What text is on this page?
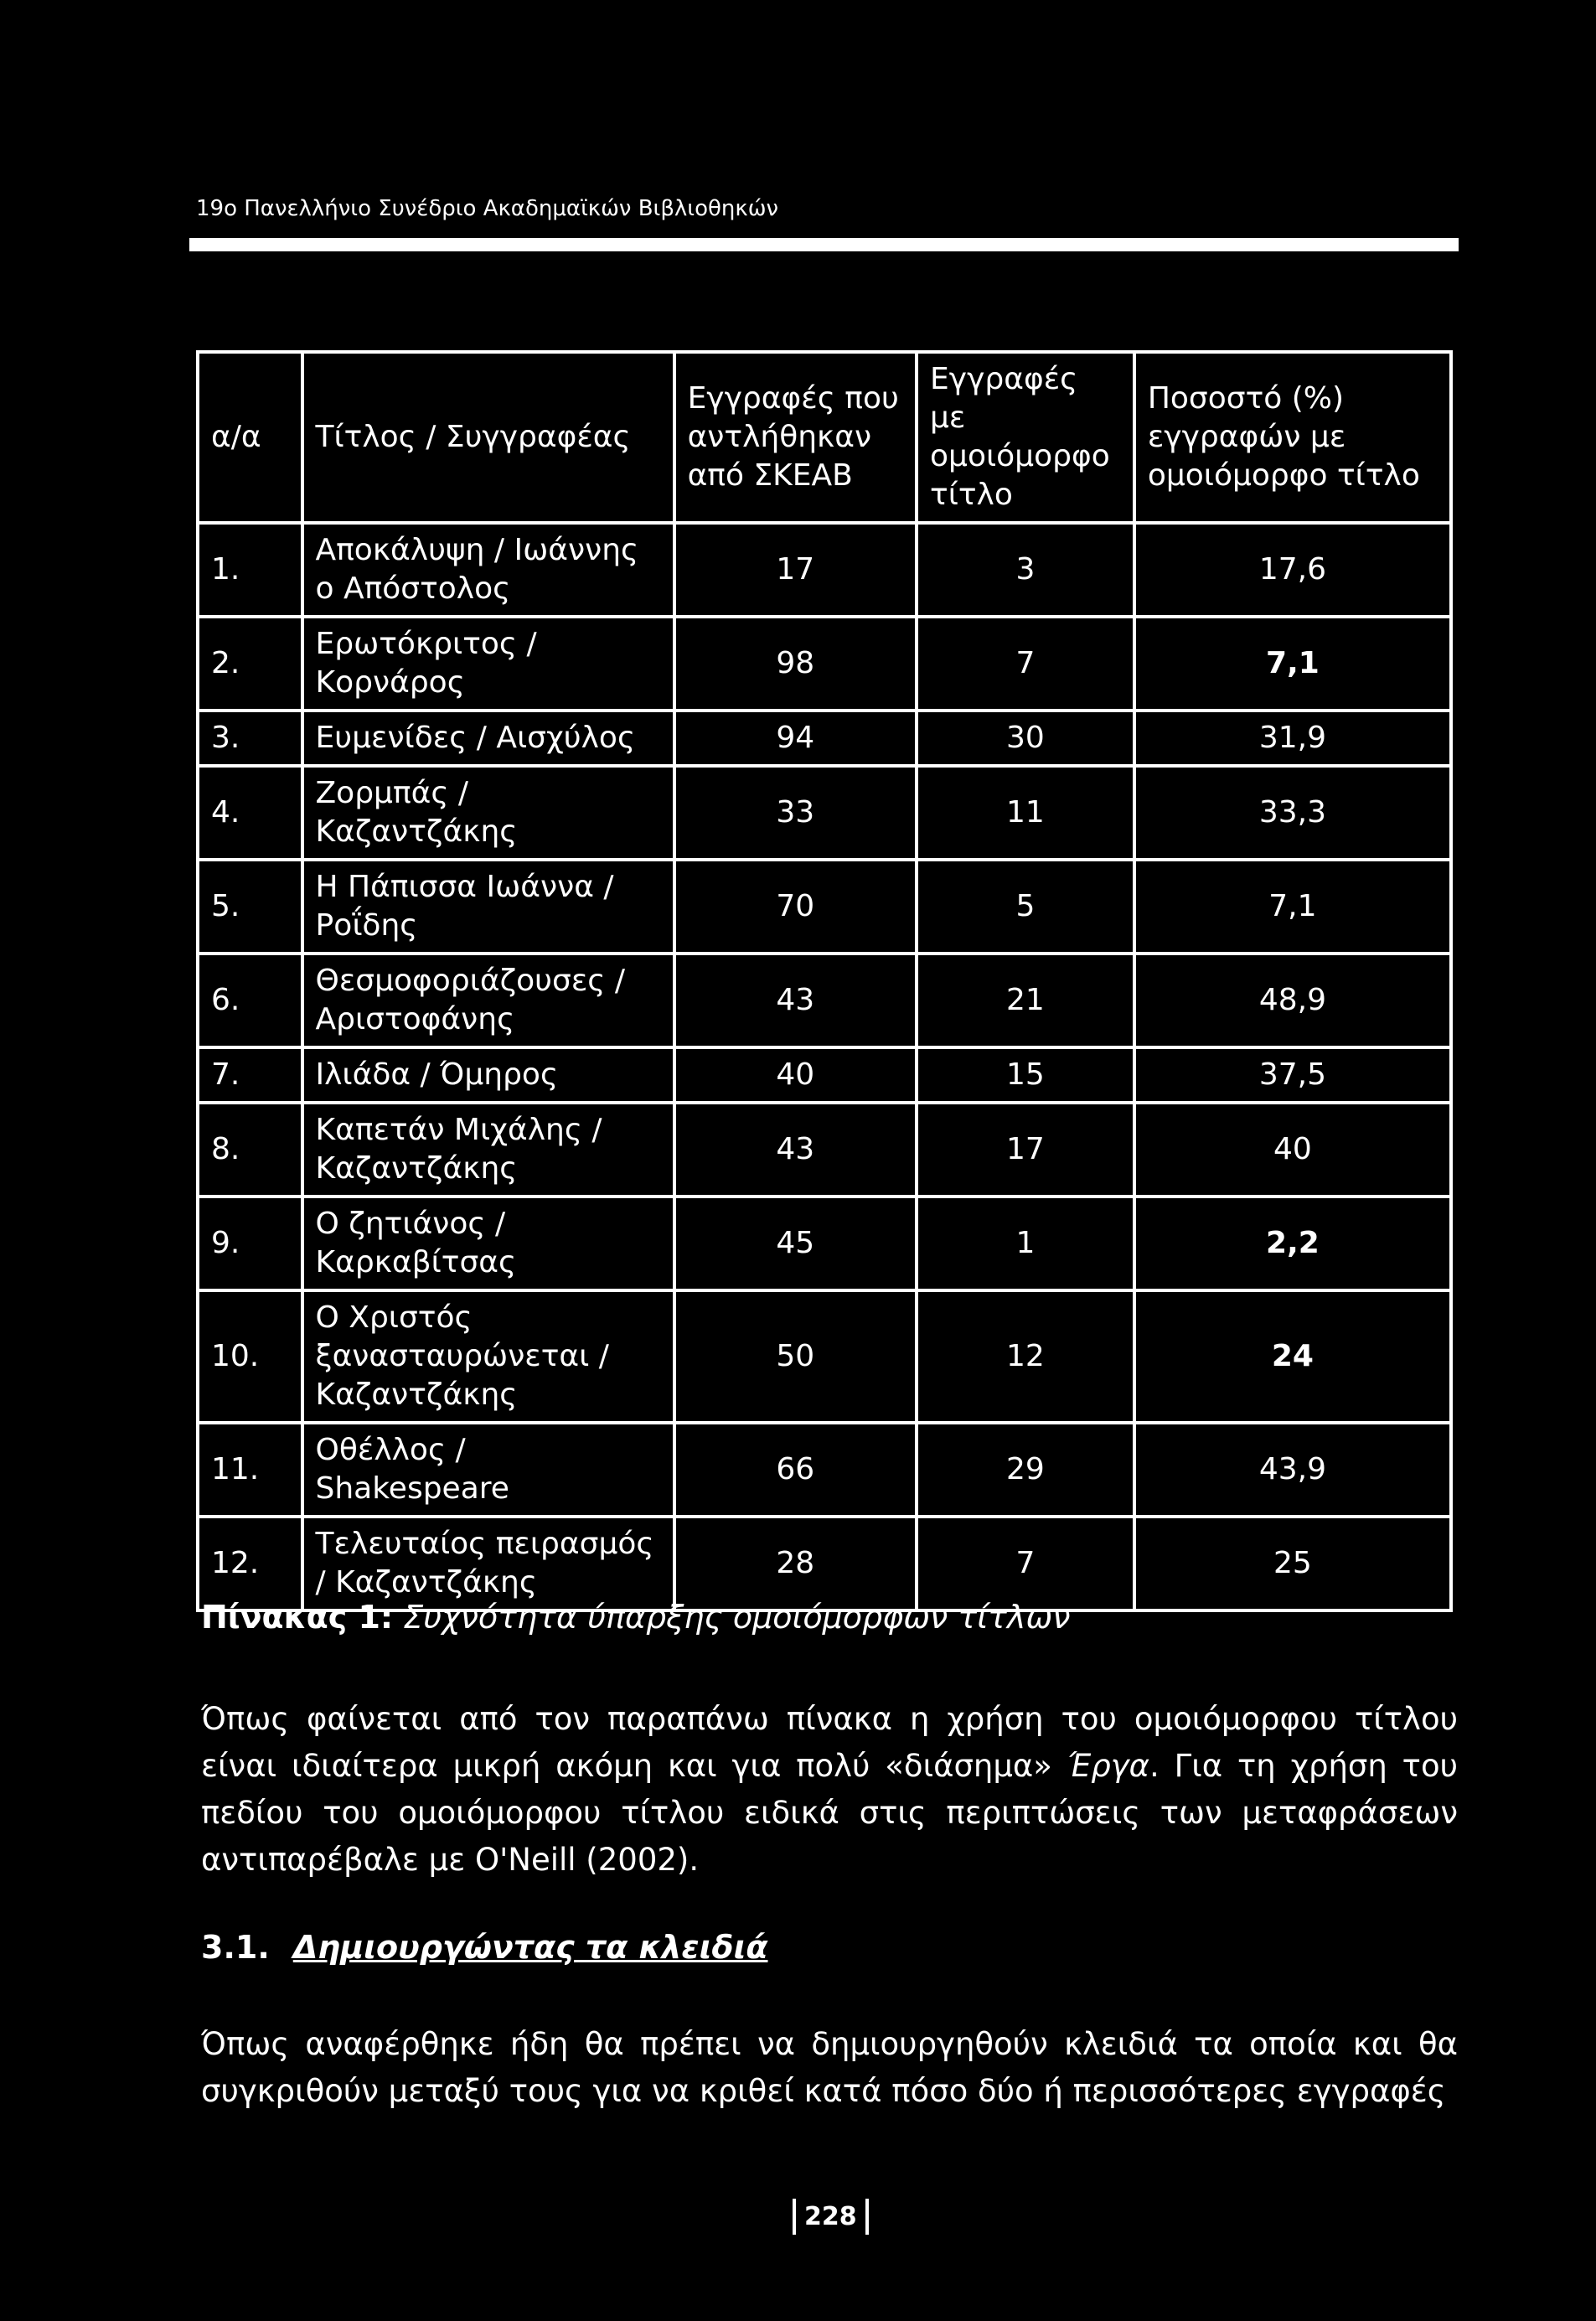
19ο Πανελλήνιο Συνέδριο Ακαδημαϊκών Βιβλιοθηκών
α/α	Τίτλος / Συγγραφέας	Εγγραφές που αντλήθηκαν από ΣΚΕΑΒ	Εγγραφές με ομοιόμορφο τίτλο	Ποσοστό (%) εγγραφών με ομοιόμορφο τίτλο
1.	Αποκάλυψη / Ιωάννης ο Απόστολος	17	3	17,6
2.	Ερωτόκριτος / Κορνάρος	98	7	7,1
3.	Ευμενίδες / Αισχύλος	94	30	31,9
4.	Ζορμπάς / Καζαντζάκης	33	11	33,3
5.	Η Πάπισσα Ιωάννα / Ροΐδης	70	5	7,1
6.	Θεσμοφοριάζουσες / Αριστοφάνης	43	21	48,9
7.	Ιλιάδα / Όμηρος	40	15	37,5
8.	Καπετάν Μιχάλης / Καζαντζάκης	43	17	40
9.	Ο ζητιάνος / Καρκαβίτσας	45	1	2,2
10.	Ο Χριστός ξανασταυρώνεται / Καζαντζάκης	50	12	24
11.	Οθέλλος / Shakespeare	66	29	43,9
12.	Τελευταίος πειρασμός / Καζαντζάκης	28	7	25
Πίνακας 1: Συχνότητα ύπαρξης ομοιόμορφων τίτλων
Όπως φαίνεται από τον παραπάνω πίνακα η χρήση του ομοιόμορφου τίτλου είναι ιδιαίτερα μικρή ακόμη και για πολύ «διάσημα» Έργα. Για τη χρήση του πεδίου του ομοιόμορφου τίτλου ειδικά στις περιπτώσεις των μεταφράσεων αντιπαρέβαλε με O'Neill (2002).
3.1. Δημιουργώντας τα κλειδιά
Όπως αναφέρθηκε ήδη θα πρέπει να δημιουργηθούν κλειδιά τα οποία και θα συγκριθούν μεταξύ τους για να κριθεί κατά πόσο δύο ή περισσότερες εγγραφές
228
